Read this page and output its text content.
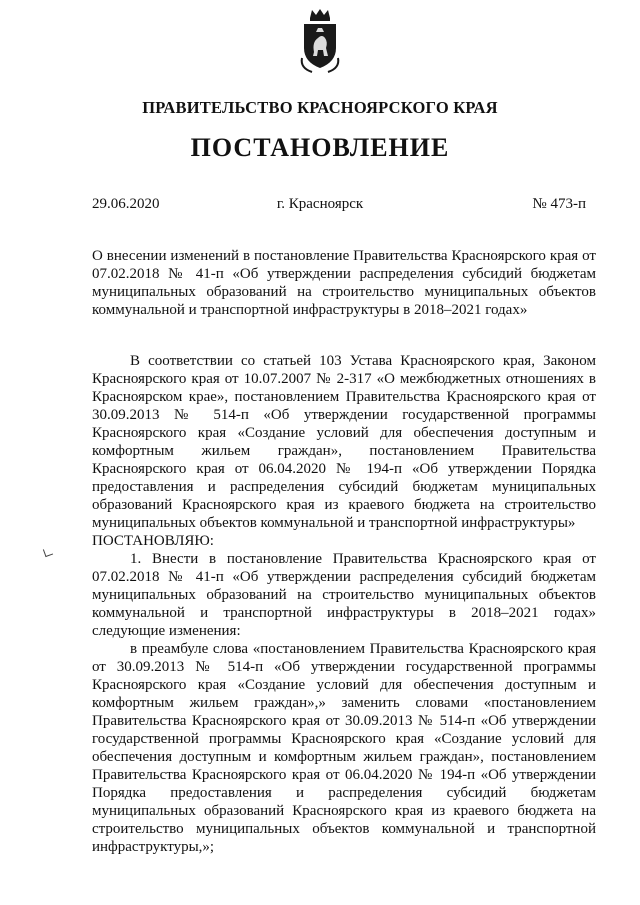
ПРАВИТЕЛЬСТВО КРАСНОЯРСКОГО КРАЯ
ПОСТАНОВЛЕНИЕ
29.06.2020	г. Красноярск	№ 473-п
О внесении изменений в постановление Правительства Красноярского края от 07.02.2018 № 41-п «Об утверждении распределения субсидий бюджетам муниципальных образований на строительство муниципальных объектов коммунальной и транспортной инфраструктуры в 2018–2021 годах»

В соответствии со статьей 103 Устава Красноярского края, Законом Красноярского края от 10.07.2007 № 2-317 «О межбюджетных отношениях в Красноярском крае», постановлением Правительства Красноярского края от 30.09.2013 № 514-п «Об утверждении государственной программы Красноярского края «Создание условий для обеспечения доступным и комфортным жильем граждан», постановлением Правительства Красноярского края от 06.04.2020 № 194-п «Об утверждении Порядка предоставления и распределения субсидий бюджетам муниципальных образований Красноярского края из краевого бюджета на строительство муниципальных объектов коммунальной и транспортной инфраструктуры»

ПОСТАНОВЛЯЮ:

1. Внести в постановление Правительства Красноярского края от 07.02.2018 № 41-п «Об утверждении распределения субсидий бюджетам муниципальных образований на строительство муниципальных объектов коммунальной и транспортной инфраструктуры в 2018–2021 годах» следующие изменения:

в преамбуле слова «постановлением Правительства Красноярского края от 30.09.2013 № 514-п «Об утверждении государственной программы Красноярского края «Создание условий для обеспечения доступным и комфортным жильем граждан»,» заменить словами «постановлением Правительства Красноярского края от 30.09.2013 № 514-п «Об утверждении государственной программы Красноярского края «Создание условий для обеспечения доступным и комфортным жильем граждан», постановлением Правительства Красноярского края от 06.04.2020 № 194-п «Об утверждении Порядка предоставления и распределения субсидий бюджетам муниципальных образований Красноярского края из краевого бюджета на строительство муниципальных объектов коммунальной и транспортной инфраструктуры,»;
